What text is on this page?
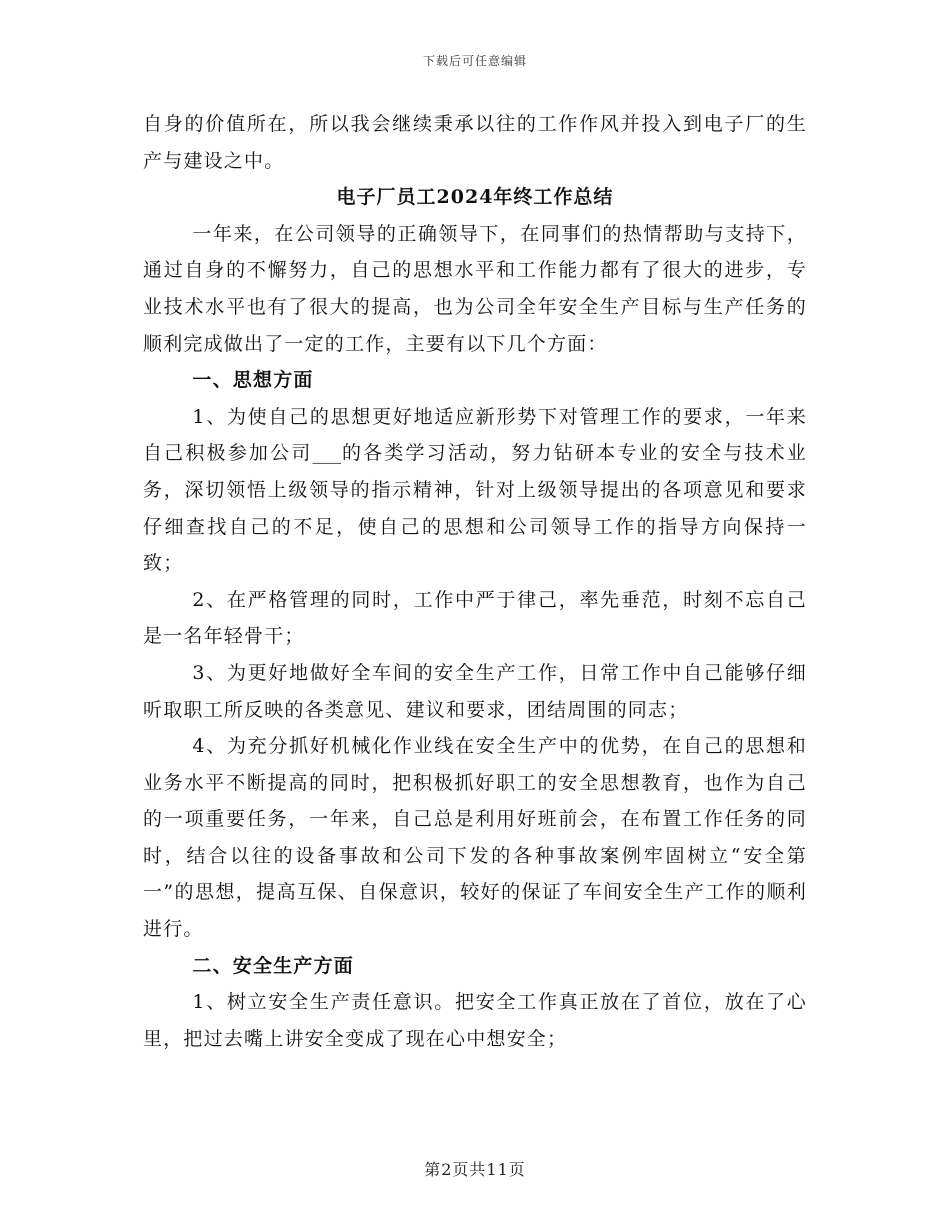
下载后可任意编辑

自身的价值所在，所以我会继续秉承以往的工作作风并投入到电子厂的生产与建设之中。

电子厂员工2024年终工作总结

一年来，在公司领导的正确领导下，在同事们的热情帮助与支持下，通过自身的不懈努力，自己的思想水平和工作能力都有了很大的进步，专业技术水平也有了很大的提高，也为公司全年安全生产目标与生产任务的顺利完成做出了一定的工作，主要有以下几个方面：

一、思想方面

1、为使自己的思想更好地适应新形势下对管理工作的要求，一年来自己积极参加公司___的各类学习活动，努力钻研本专业的安全与技术业务，深切领悟上级领导的指示精神，针对上级领导提出的各项意见和要求仔细查找自己的不足，使自己的思想和公司领导工作的指导方向保持一致；

2、在严格管理的同时，工作中严于律己，率先垂范，时刻不忘自己是一名年轻骨干；

3、为更好地做好全车间的安全生产工作，日常工作中自己能够仔细听取职工所反映的各类意见、建议和要求，团结周围的同志；

4、为充分抓好机械化作业线在安全生产中的优势，在自己的思想和业务水平不断提高的同时，把积极抓好职工的安全思想教育，也作为自己的一项重要任务，一年来，自己总是利用好班前会，在布置工作任务的同时，结合以往的设备事故和公司下发的各种事故案例牢固树立“安全第一”的思想，提高互保、自保意识，较好的保证了车间安全生产工作的顺利进行。

二、安全生产方面

1、树立安全生产责任意识。把安全工作真正放在了首位，放在了心里，把过去嘴上讲安全变成了现在心中想安全；

第2页共11页
